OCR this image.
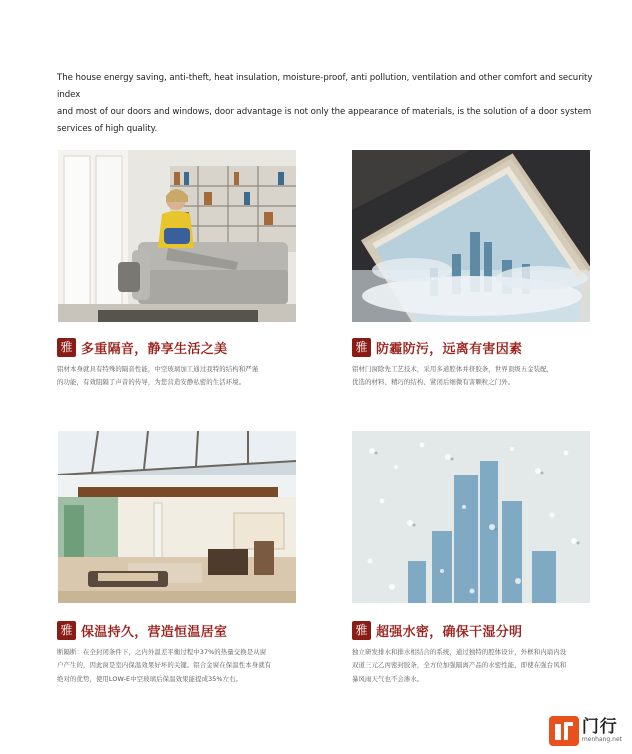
The house energy saving, anti-theft, heat insulation, moisture-proof, anti pollution, ventilation and other comfort and security index
and most of our doors and windows, door advantage is not only the appearance of materials, is the solution of a door system
services of high quality.
雅 多重隔音，静享生活之美
铝材本身就具有特殊的隔音性能，中空玻璃加工通过我特的结构和严谨
的功能，有效阻隔了声音的传导，为您营造安静私密的生活环境。
雅 防霾防污，远离有害因素
铝材门窗除先工艺技术，采用多道腔体并挤胶条，世界顶级五金装配，
优选的材料、精巧的结构、紧闭后细微有害颗粒之门外。
雅 保温持久，营造恒温居室
断隔断：在全封闭条件下，之内外温差平衡过程中37%的热量交换是从窗
户产生的，因此窗是室内保温效果好坏的关键。铝合金窗在保温性本身就有
绝对的优势，使用LOW-E中空玻璃后保温效果能提成35%左右。
雅 超强水密，确保干湿分明
独立研发排水和排水相结合的系统，通过独特的腔体设计，外框和内扇内设
双道三元乙丙密封胶条，全方位加强隔离产品的水密性能，即使在强台风和
暴风雨天气也不会渗水。
门行
menhang.net
